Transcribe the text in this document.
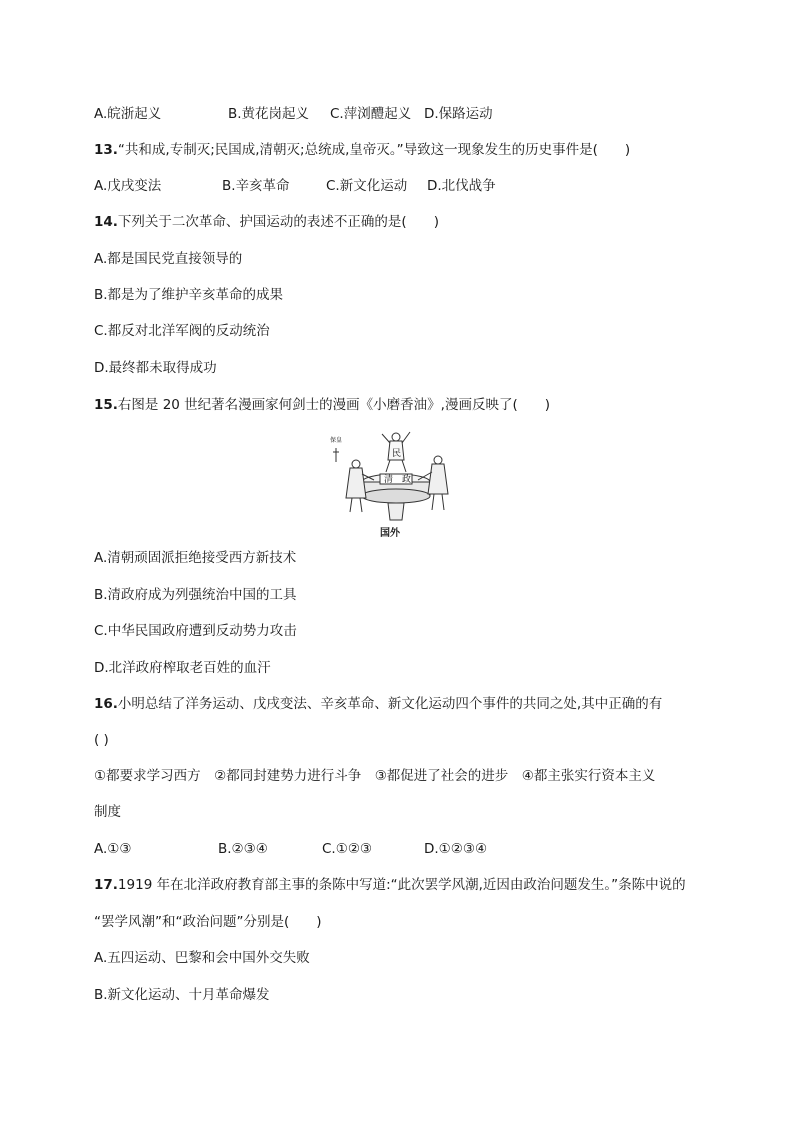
A.皖浙起义	B.黄花岗起义 C.萍浏醴起义 D.保路运动
13.“共和成,专制灭;民国成,清朝灭;总统成,皇帝灭。”导致这一现象发生的历史事件是(　　)
A.戊戌变法	B.辛亥革命	C.新文化运动 D.北伐战争
14.下列关于二次革命、护国运动的表述不正确的是(　　)
A.都是国民党直接领导的
B.都是为了维护辛亥革命的成果
C.都反对北洋军阀的反动统治
D.最终都未取得成功
15.右图是 20 世纪著名漫画家何剑士的漫画《小磨香油》,漫画反映了(　　)
民
清 政
保皇
国外
A.清朝顽固派拒绝接受西方新技术
B.清政府成为列强统治中国的工具
C.中华民国政府遭到反动势力攻击
D.北洋政府榨取老百姓的血汗
16.小明总结了洋务运动、戊戌变法、辛亥革命、新文化运动四个事件的共同之处,其中正确的有
( )
①都要求学习西方　②都同封建势力进行斗争　③都促进了社会的进步　④都主张实行资本主义
制度
A.①③	B.②③④	C.①②③	D.①②③④
17.1919 年在北洋政府教育部主事的条陈中写道:“此次罢学风潮,近因由政治问题发生。”条陈中说的
“罢学风潮”和“政治问题”分别是(　　)
A.五四运动、巴黎和会中国外交失败
B.新文化运动、十月革命爆发
